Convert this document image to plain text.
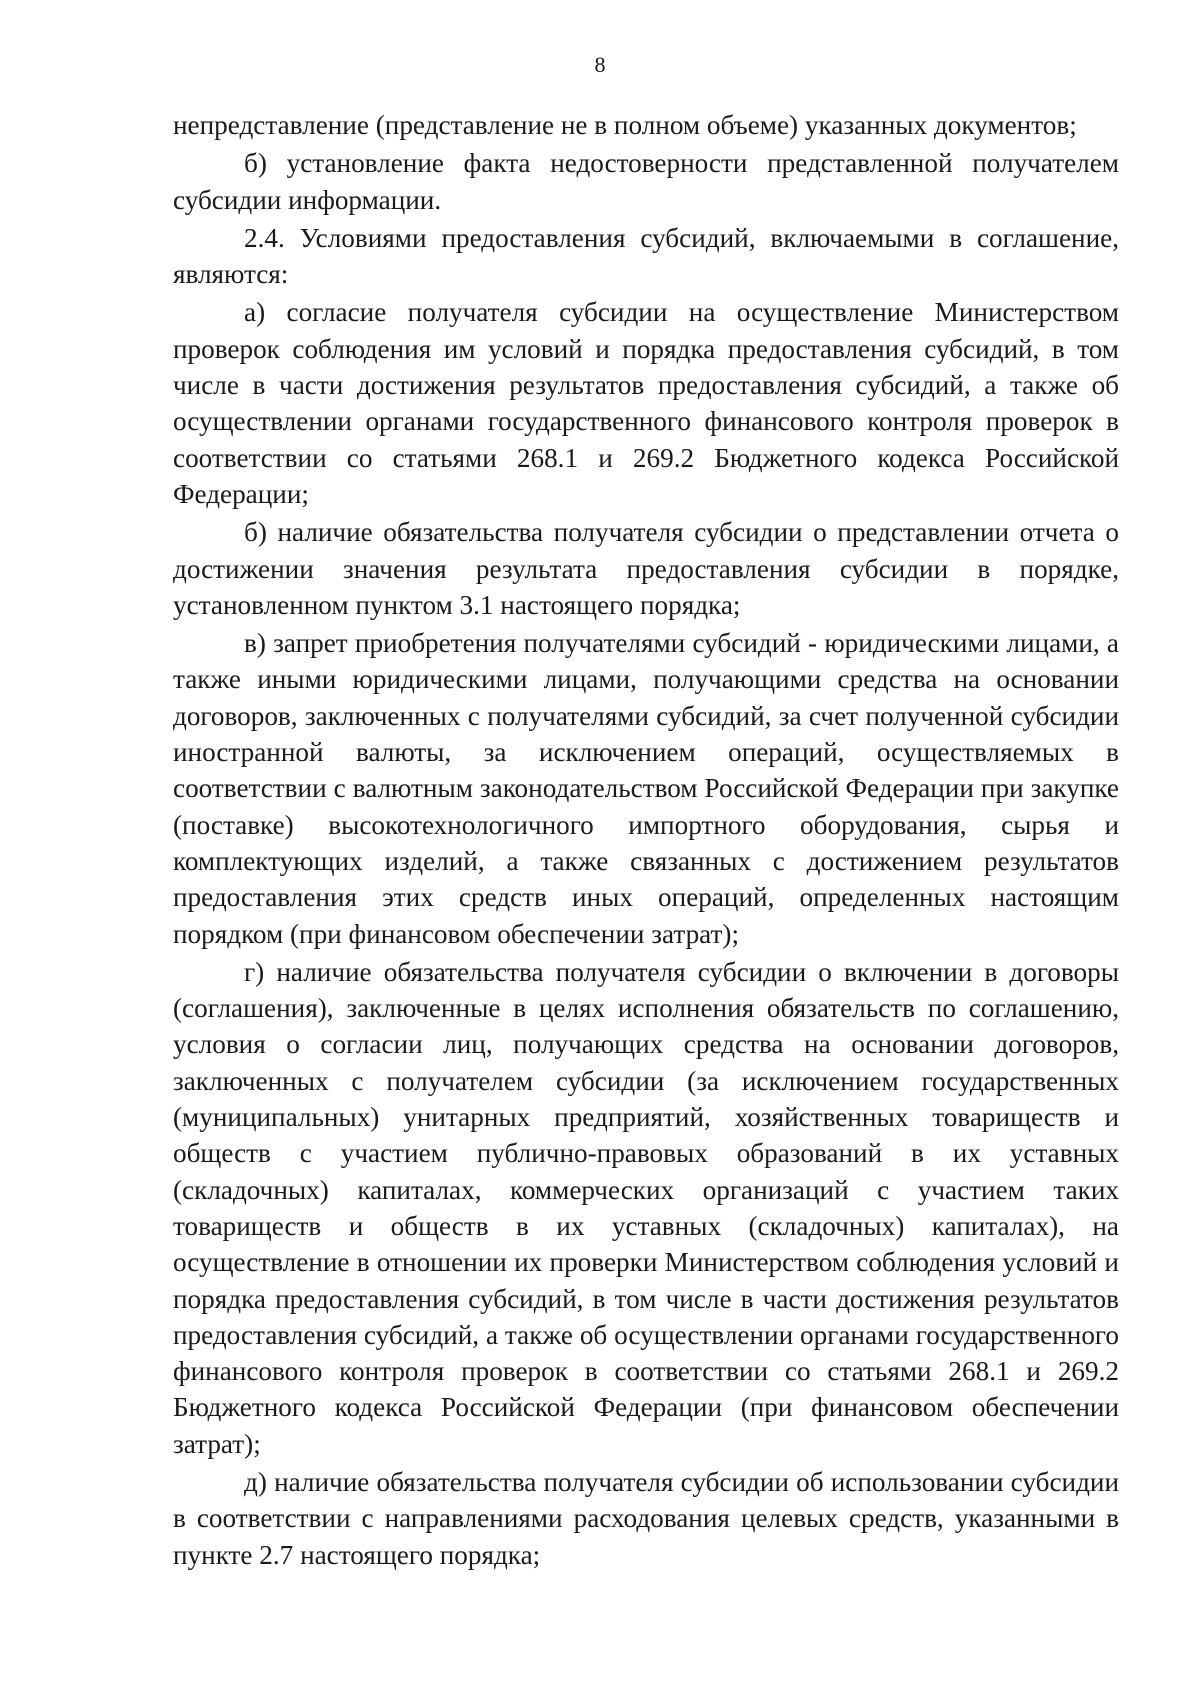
8

непредставление (представление не в полном объеме) указанных документов;

б) установление факта недостоверности представленной получателем субсидии информации.

2.4. Условиями предоставления субсидий, включаемыми в соглашение, являются:

а) согласие получателя субсидии на осуществление Министерством проверок соблюдения им условий и порядка предоставления субсидий, в том числе в части достижения результатов предоставления субсидий, а также об осуществлении органами государственного финансового контроля проверок в соответствии со статьями 268.1 и 269.2 Бюджетного кодекса Российской Федерации;

б) наличие обязательства получателя субсидии о представлении отчета о достижении значения результата предоставления субсидии в порядке, установленном пунктом 3.1 настоящего порядка;

в) запрет приобретения получателями субсидий - юридическими лицами, а также иными юридическими лицами, получающими средства на основании договоров, заключенных с получателями субсидий, за счет полученной субсидии иностранной валюты, за исключением операций, осуществляемых в соответствии с валютным законодательством Российской Федерации при закупке (поставке) высокотехнологичного импортного оборудования, сырья и комплектующих изделий, а также связанных с достижением результатов предоставления этих средств иных операций, определенных настоящим порядком (при финансовом обеспечении затрат);

г) наличие обязательства получателя субсидии о включении в договоры (соглашения), заключенные в целях исполнения обязательств по соглашению, условия о согласии лиц, получающих средства на основании договоров, заключенных с получателем субсидии (за исключением государственных (муниципальных) унитарных предприятий, хозяйственных товариществ и обществ с участием публично-правовых образований в их уставных (складочных) капиталах, коммерческих организаций с участием таких товариществ и обществ в их уставных (складочных) капиталах), на осуществление в отношении их проверки Министерством соблюдения условий и порядка предоставления субсидий, в том числе в части достижения результатов предоставления субсидий, а также об осуществлении органами государственного финансового контроля проверок в соответствии со статьями 268.1 и 269.2 Бюджетного кодекса Российской Федерации (при финансовом обеспечении затрат);

д) наличие обязательства получателя субсидии об использовании субсидии в соответствии с направлениями расходования целевых средств, указанными в пункте 2.7 настоящего порядка;
